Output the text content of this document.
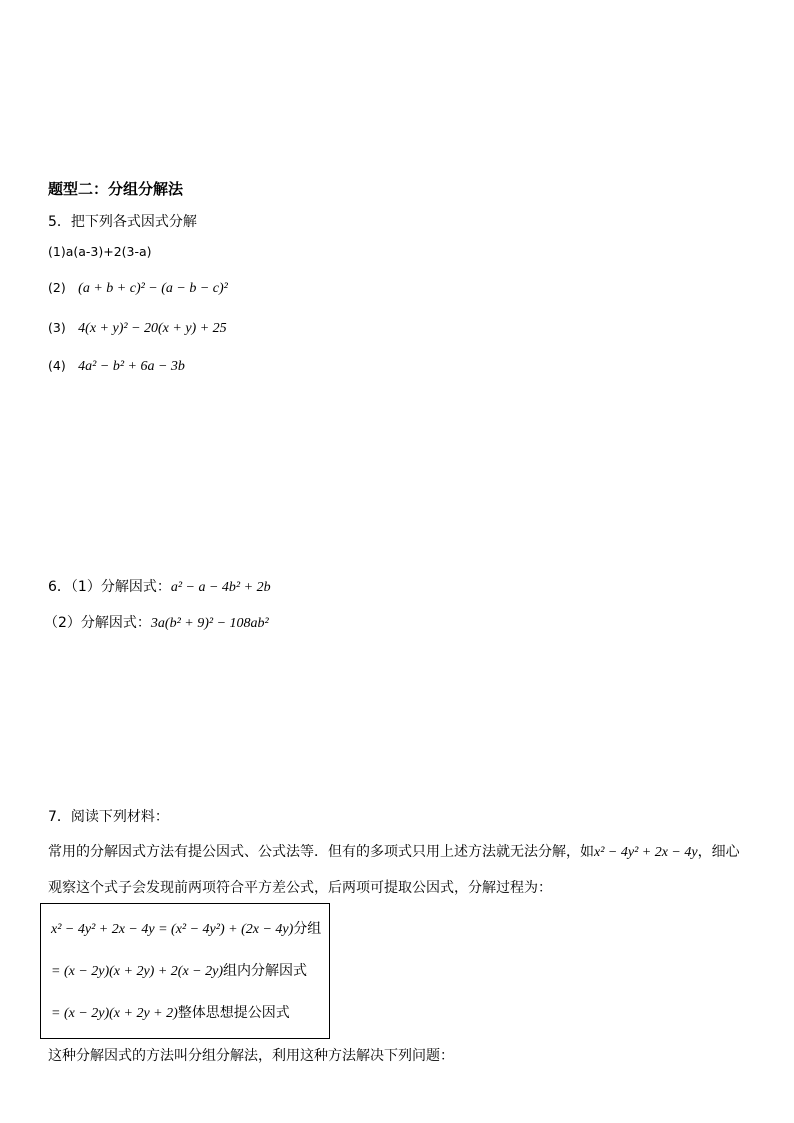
题型二：分组分解法
5．把下列各式因式分解
(1)a(a-3)+2(3-a)
(2) (a + b + c)² − (a − b − c)²
(3) 4(x + y)² − 20(x + y) + 25
(4) 4a² − b² + 6a − 3b
6．（1）分解因式：a² − a − 4b² + 2b
（2）分解因式：3a(b² + 9)² − 108ab²
7．阅读下列材料：
常用的分解因式方法有提公因式、公式法等．但有的多项式只用上述方法就无法分解，如x² − 4y² + 2x − 4y，细心
观察这个式子会发现前两项符合平方差公式，后两项可提取公因式，分解过程为：
x² − 4y² + 2x − 4y = (x² − 4y²) + (2x − 4y)分组
= (x − 2y)(x + 2y) + 2(x − 2y)组内分解因式
= (x − 2y)(x + 2y + 2)整体思想提公因式
这种分解因式的方法叫分组分解法，利用这种方法解决下列问题：
